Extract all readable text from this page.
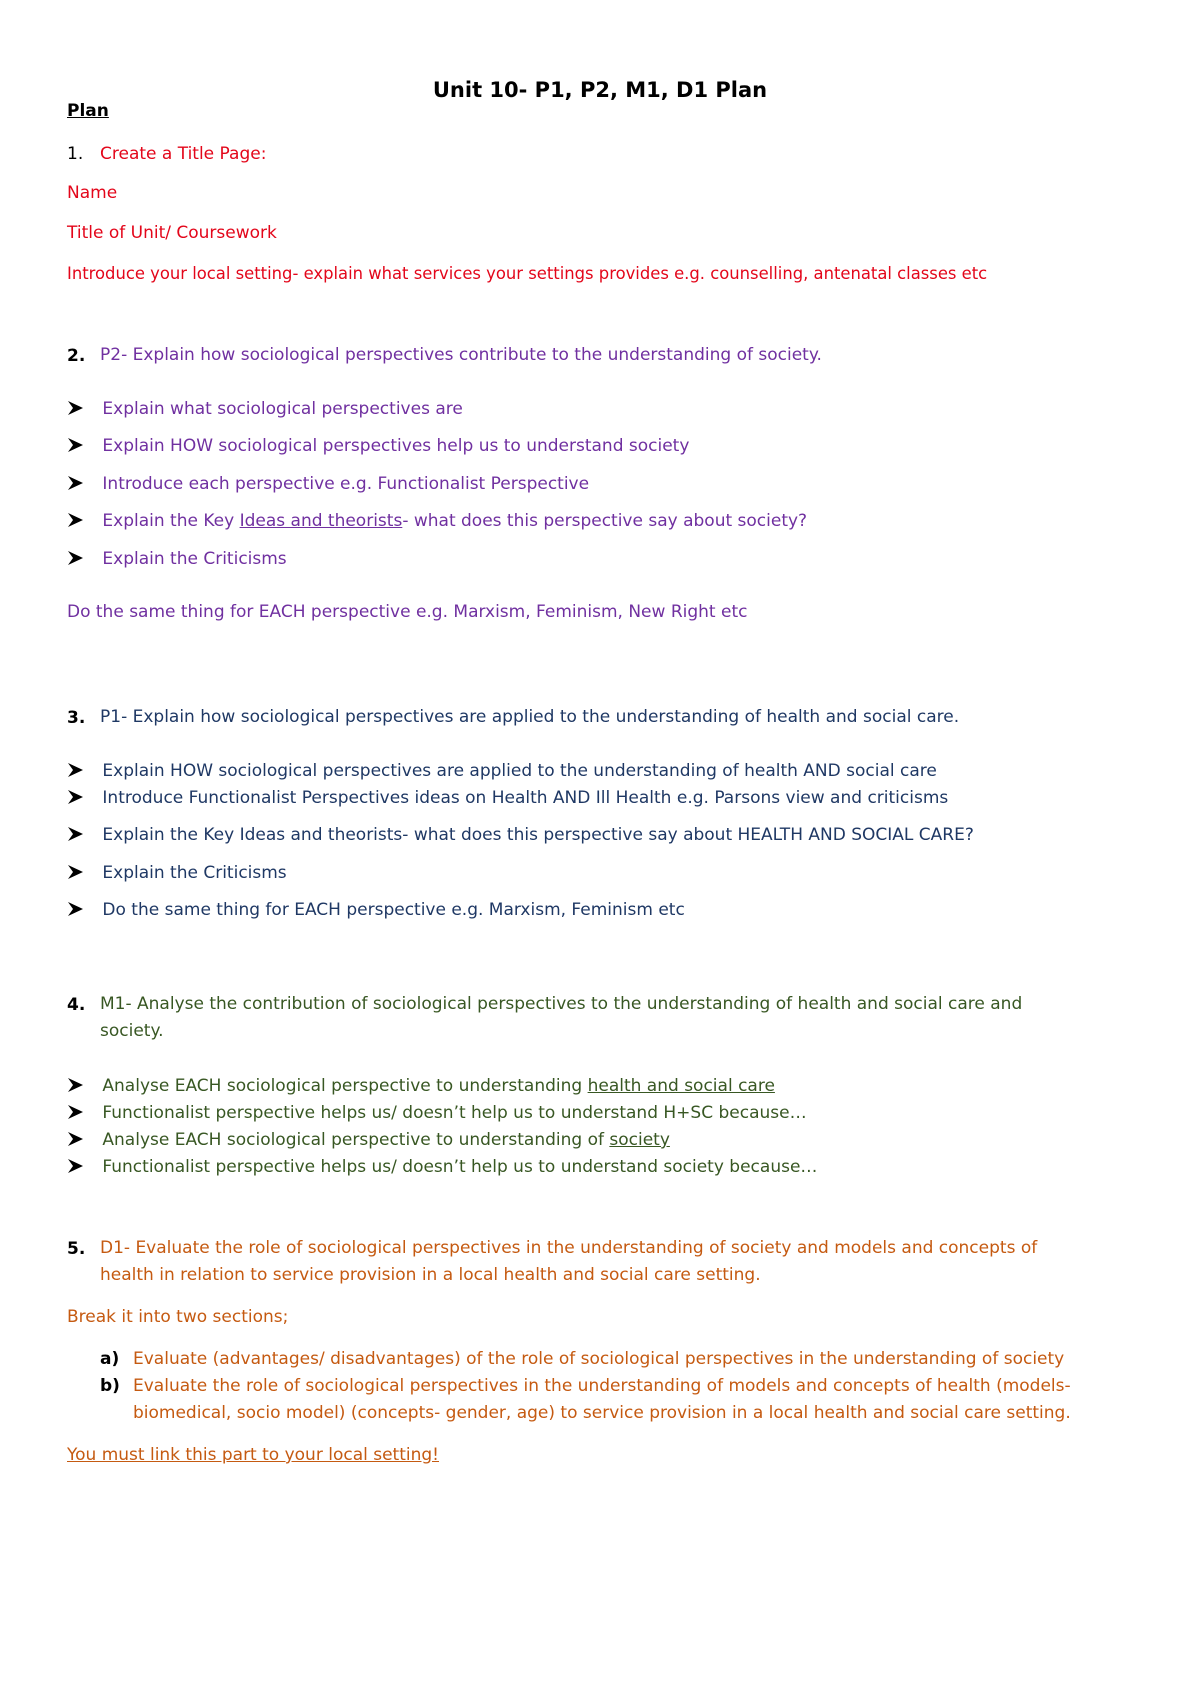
Unit 10- P1, P2, M1, D1 Plan
Plan
1. Create a Title Page:
Name
Title of Unit/ Coursework
Introduce your local setting- explain what services your settings provides e.g. counselling, antenatal classes etc
2. P2- Explain how sociological perspectives contribute to the understanding of society.
Explain what sociological perspectives are
Explain HOW sociological perspectives help us to understand society
Introduce each perspective e.g. Functionalist Perspective
Explain the Key Ideas and theorists- what does this perspective say about society?
Explain the Criticisms
Do the same thing for EACH perspective e.g. Marxism, Feminism, New Right etc
3. P1- Explain how sociological perspectives are applied to the understanding of health and social care.
Explain HOW sociological perspectives are applied to the understanding of health AND social care
Introduce Functionalist Perspectives ideas on Health AND Ill Health e.g. Parsons view and criticisms
Explain the Key Ideas and theorists- what does this perspective say about HEALTH AND SOCIAL CARE?
Explain the Criticisms
Do the same thing for EACH perspective e.g. Marxism, Feminism etc
4. M1- Analyse the contribution of sociological perspectives to the understanding of health and social care and
society.
Analyse EACH sociological perspective to understanding health and social care
Functionalist perspective helps us/ doesn’t help us to understand H+SC because…
Analyse EACH sociological perspective to understanding of society
Functionalist perspective helps us/ doesn’t help us to understand society because…
5. D1- Evaluate the role of sociological perspectives in the understanding of society and models and concepts of
health in relation to service provision in a local health and social care setting.
Break it into two sections;
a) Evaluate (advantages/ disadvantages) of the role of sociological perspectives in the understanding of society
b) Evaluate the role of sociological perspectives in the understanding of models and concepts of health (models-
biomedical, socio model) (concepts- gender, age) to service provision in a local health and social care setting.
You must link this part to your local setting!
